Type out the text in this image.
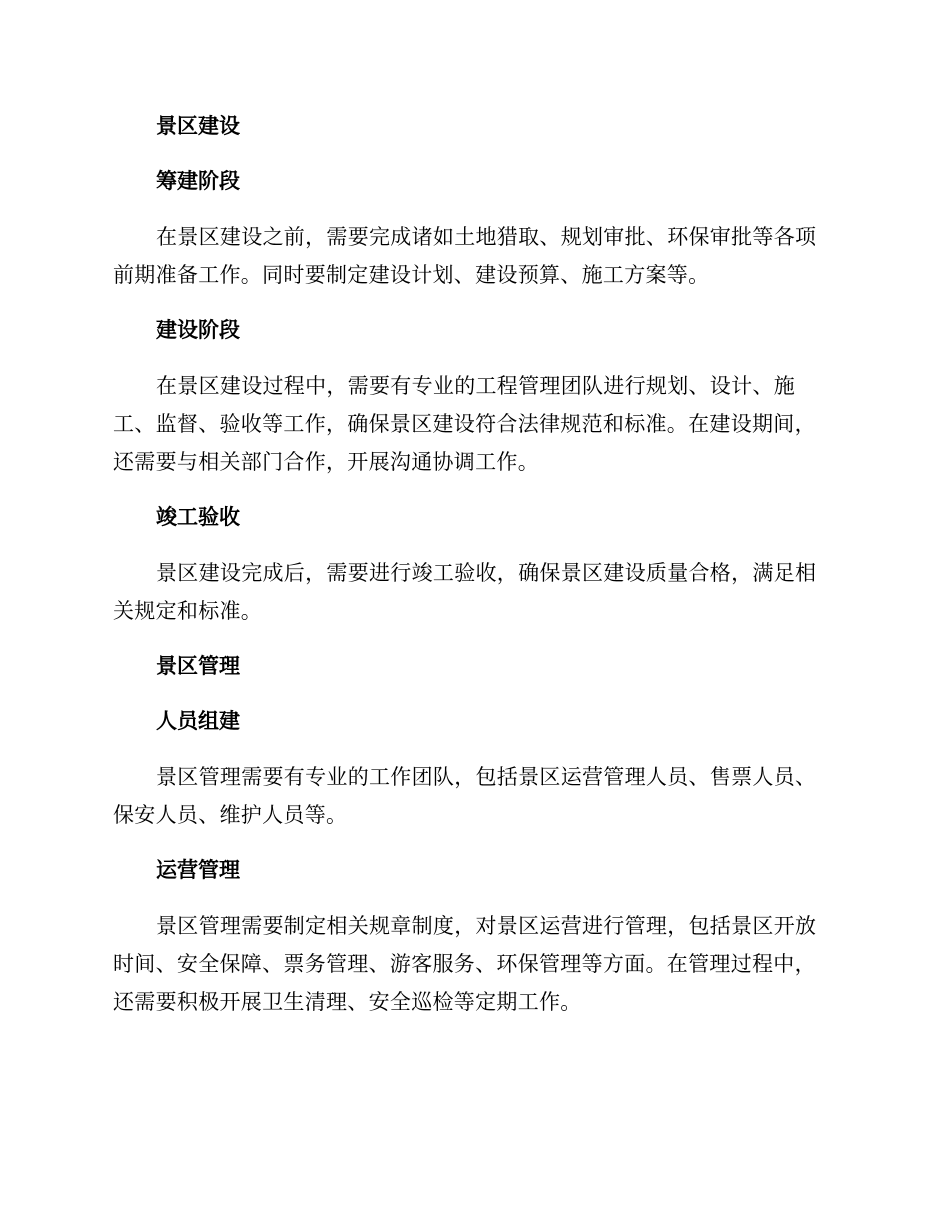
景区建设
筹建阶段

在景区建设之前，需要完成诸如土地猎取、规划审批、环保审批等各项前期准备工作。同时要制定建设计划、建设预算、施工方案等。

建设阶段

在景区建设过程中，需要有专业的工程管理团队进行规划、设计、施工、监督、验收等工作，确保景区建设符合法律规范和标准。在建设期间，还需要与相关部门合作，开展沟通协调工作。

竣工验收

景区建设完成后，需要进行竣工验收，确保景区建设质量合格，满足相关规定和标准。

景区管理
人员组建

景区管理需要有专业的工作团队，包括景区运营管理人员、售票人员、保安人员、维护人员等。

运营管理

景区管理需要制定相关规章制度，对景区运营进行管理，包括景区开放时间、安全保障、票务管理、游客服务、环保管理等方面。在管理过程中，还需要积极开展卫生清理、安全巡检等定期工作。
